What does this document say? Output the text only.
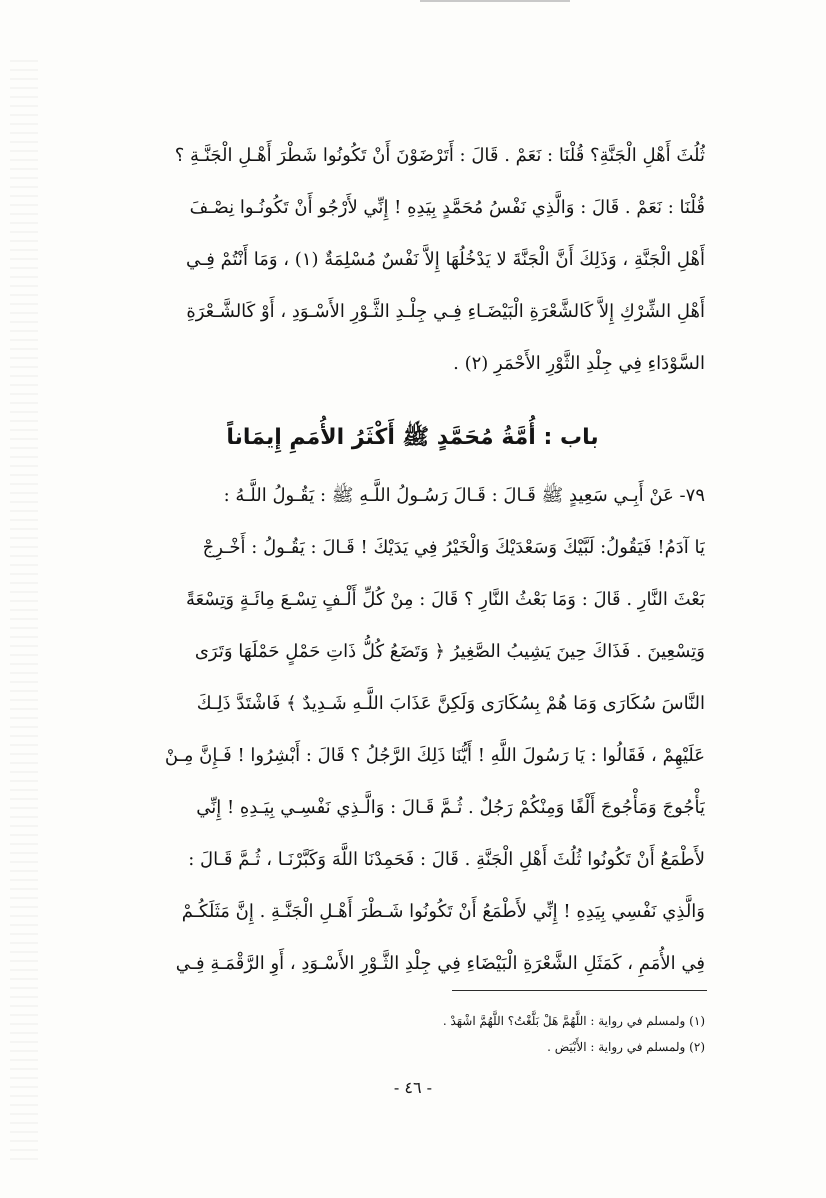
ثُلُثَ أَهْلِ الْجَنَّةِ؟ قُلْنَا : نَعَمْ . قَالَ : أَتَرْضَوْنَ أَنْ تَكُونُوا شَطْرَ أَهْـلِ الْجَنَّـةِ ؟
قُلْنَا : نَعَمْ . قَالَ : وَالَّذِي نَفْسُ مُحَمَّدٍ بِيَدِهِ ! إِنِّي لأَرْجُو أَنْ تَكُونُـوا نِصْـفَ
أَهْلِ الْجَنَّةِ ، وَذَلِكَ أَنَّ الْجَنَّةَ لا يَدْخُلُهَا إِلاَّ نَفْسٌ مُسْلِمَةٌ (١) ، وَمَا أَنْتُمْ فِـي
أَهْلِ الشِّرْكِ إِلاَّ كَالشَّعْرَةِ الْبَيْضَـاءِ فِـي جِلْـدِ الثَّـوْرِ الأَسْـوَدِ ، أَوْ كَالشَّـعْرَةِ
السَّوْدَاءِ فِي جِلْدِ الثَّوْرِ الأَحْمَرِ (٢) .
باب : أُمَّةُ مُحَمَّدٍ ﷺ أَكْثَرُ الأُمَمِ إِيمَاناً
٧٩- عَنْ أَبِـي سَعِيدٍ ﷺ قَـالَ : قَـالَ رَسُـولُ اللَّـهِ ﷺ : يَقُـولُ اللَّـهُ :
يَا آدَمُ! فَيَقُولُ: لَبَّيْكَ وَسَعْدَيْكَ وَالْخَيْرُ فِي يَدَيْكَ ! قَـالَ : يَقُـولُ : أَخْـرِجْ
بَعْثَ النَّارِ . قَالَ : وَمَا بَعْثُ النَّارِ ؟ قَالَ : مِنْ كُلِّ أَلْـفٍ تِسْـعَ مِائَـةٍ وَتِسْعَةً
وَتِسْعِينَ . فَذَاكَ حِينَ يَشِيبُ الصَّغِيرُ ﴿ وَتَضَعُ كُلُّ ذَاتِ حَمْلٍ حَمْلَهَا وَتَرَى
النَّاسَ سُكَارَى وَمَا هُمْ بِسُكَارَى وَلَكِنَّ عَذَابَ اللَّـهِ شَـدِيدٌ ﴾ فَاشْتَدَّ ذَلِـكَ
عَلَيْهِمْ ، فَقَالُوا : يَا رَسُولَ اللَّهِ ! أَيُّنَا ذَلِكَ الرَّجُلُ ؟ قَالَ : أَبْشِرُوا ! فَـإِنَّ مِـنْ
يَأْجُوجَ وَمَأْجُوجَ أَلْفًا وَمِنْكُمْ رَجُلٌ . ثُـمَّ قَـالَ : وَالَّـذِي نَفْسِـي بِيَـدِهِ ! إِنِّي
لأَطْمَعُ أَنْ تَكُونُوا ثُلُثَ أَهْلِ الْجَنَّةِ . قَالَ : فَحَمِدْنَا اللَّهَ وَكَبَّرْنَـا ، ثُـمَّ قَـالَ :
وَالَّذِي نَفْسِي بِيَدِهِ ! إِنِّي لأَطْمَعُ أَنْ تَكُونُوا شَـطْرَ أَهْـلِ الْجَنَّـةِ . إِنَّ مَثَلَكُـمْ
فِي الأُمَمِ ، كَمَثَلِ الشَّعْرَةِ الْبَيْضَاءِ فِي جِلْدِ الثَّـوْرِ الأَسْـوَدِ ، أَوِ الرَّقْمَـةِ فِـي
(١) ولمسلم في رواية : اللَّهُمَّ هَلْ بَلَّغْتُ؟ اللَّهُمَّ اشْهَدْ .
(٢) ولمسلم في رواية : الأَبْيَض .
- ٤٦ -
